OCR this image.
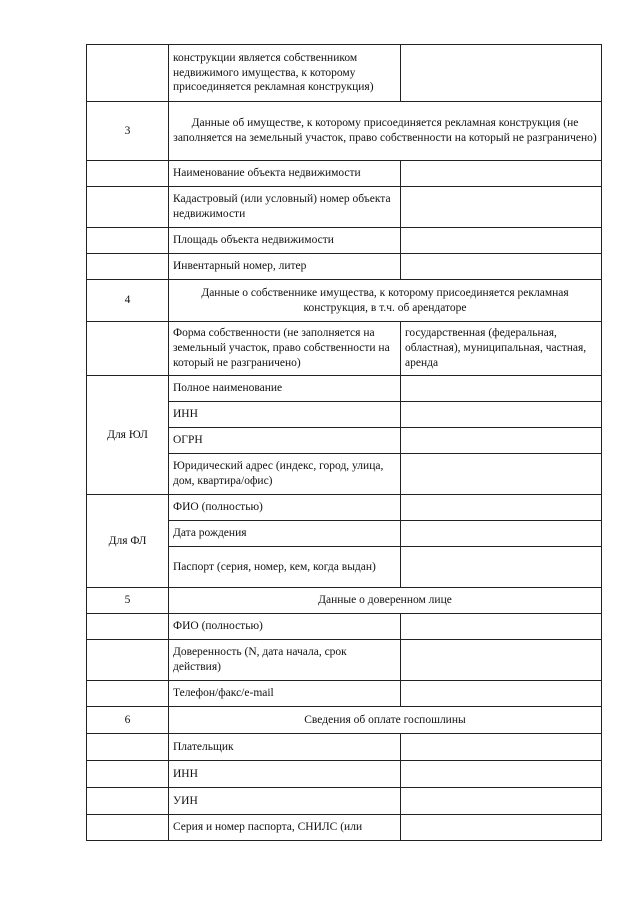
	конструкции является собственником недвижимого имущества, к которому присоединяется рекламная конструкция)	
3	Данные об имуществе, к которому присоединяется рекламная конструкция (не заполняется на земельный участок, право собственности на который не разграничено)	
	Наименование объекта недвижимости	
	Кадастровый (или условный) номер объекта недвижимости	
	Площадь объекта недвижимости	
	Инвентарный номер, литер	
4	Данные о собственнике имущества, к которому присоединяется рекламная конструкция, в т.ч. об арендаторе	
	Форма собственности (не заполняется на земельный участок, право собственности на который не разграничено)	государственная (федеральная, областная), муниципальная, частная, аренда
Для ЮЛ	Полное наименование	
	ИНН	
	ОГРН	
	Юридический адрес (индекс, город, улица, дом, квартира/офис)	
Для ФЛ	ФИО (полностью)	
	Дата рождения	
	Паспорт (серия, номер, кем, когда выдан)	
5	Данные о доверенном лице	
	ФИО (полностью)	
	Доверенность (N, дата начала, срок действия)	
	Телефон/факс/e-mail	
6	Сведения об оплате госпошлины	
	Плательщик	
	ИНН	
	УИН	
	Серия и номер паспорта, СНИЛС (или	
